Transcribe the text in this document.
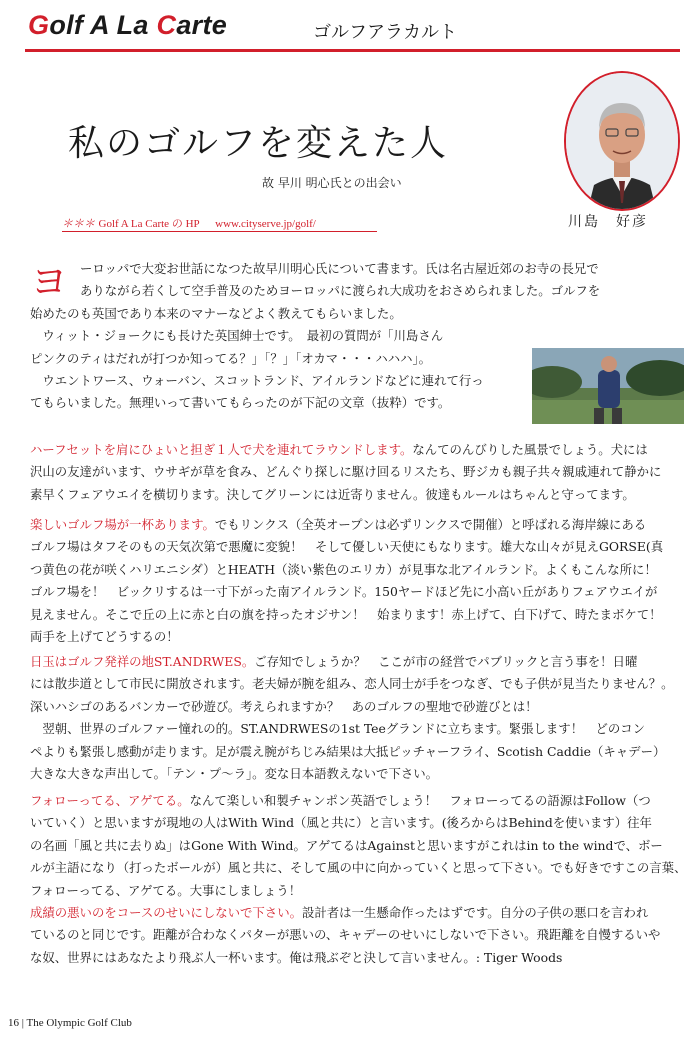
Golf A La Carte	ゴルフアラカルト
私のゴルフを変えた人
故 早川 明心氏との出会い
＊＊＊ Golf A La Carte の HP www.cityserve.jp/golf/	川島　好彦
ヨ ーロッパで大変お世話になつた故早川明心氏について書ます。氏は名古屋近郊のお寺の長兄で
ありながら若くして空手普及のためヨーロッパに渡られ大成功をおさめられました。ゴルフを
始めたのも英国であり本来のマナーなどよく教えてもらいました。
　ウィット・ジョークにも長けた英国紳士です。　最初の質問が「川島さん
ピンクのティはだれが打つか知ってる？」「？」「オカマ・・・ハハハ」。
　ウエントワース、ウォーバン、スコットランド、アイルランドなどに連れて行っ
てもらいました。無理いって書いてもらったのが下記の文章（抜粋）です。
ハーフセットを肩にひょいと担ぎ１人で犬を連れてラウンドします。なんてのんびりした風景でしょう。犬には
沢山の友達がいます、ウサギが草を食み、どんぐり探しに駆け回るリスたち、野ジカも親子共々親戚連れて静かに
素早くフェアウエイを横切ります。決してグリーンには近寄りません。彼達もルールはちゃんと守ってます。
楽しいゴルフ場が一杯あります。でもリンクス（全英オープンは必ずリンクスで開催）と呼ばれる海岸線にある
ゴルフ場はタフそのもの天気次第で悪魔に変貌！　そして優しい天使にもなります。雄大な山々が見えGORSE(真
つ黄色の花が咲くハリエニシダ）とHEATH（淡い紫色のエリカ）が見事な北アイルランド。よくもこんな所に！
ゴルフ場を！　ビックリするは一寸下がった南アイルランド。150ヤードほど先に小高い丘がありフェアウエイが
見えません。そこで丘の上に赤と白の旗を持ったオジサン！　始まります！赤上げて、白下げて、時たまボケて！
両手を上げてどうするの！
日玉はゴルフ発祥の地ST.ANDRWES。ご存知でしょうか？　ここが市の経営でパブリックと言う事を！日曜
には散歩道として市民に開放されます。老夫婦が腕を組み、恋人同士が手をつなぎ、でも子供が見当たりません？。
深いハシゴのあるバンカーで砂遊び。考えられますか？　あのゴルフの聖地で砂遊びとは！
　翌朝、世界のゴルファー憧れの的。ST.ANDRWESの1st Teeグランドに立ちます。緊張します！　どのコン
ペよりも緊張し感動が走ります。足が震え腕がちじみ結果は大抵ピッチャーフライ、Scotish Caddie（キャデー）
大きな大きな声出して。「テン・プ～ラ」。変な日本語教えないで下さい。
フォローってる、アゲてる。なんて楽しい和製チャンポン英語でしょう！　フォローってるの語源はFollow（つ
いていく）と思いますが現地の人はWith Wind（風と共に）と言います。(後ろからはBehindを使います）往年
の名画「風と共に去りぬ」はGone With Wind。アゲてるはAgainstと思いますがこれはin to the windで、ボー
ルが主語になり（打ったボールが）風と共に、そして風の中に向かっていくと思って下さい。でも好きですこの言葉、
フォローってる、アゲてる。大事にしましょう！
成績の悪いのをコースのせいにしないで下さい。設計者は一生懸命作ったはずです。自分の子供の悪口を言われ
ているのと同じです。距離が合わなくパターが悪いの、キャデーのせいにしないで下さい。飛距離を自慢するいや
な奴、世界にはあなたより飛ぶ人一杯います。俺は飛ぶぞと決して言いません。: Tiger Woods
16 | The Olympic Golf Club
